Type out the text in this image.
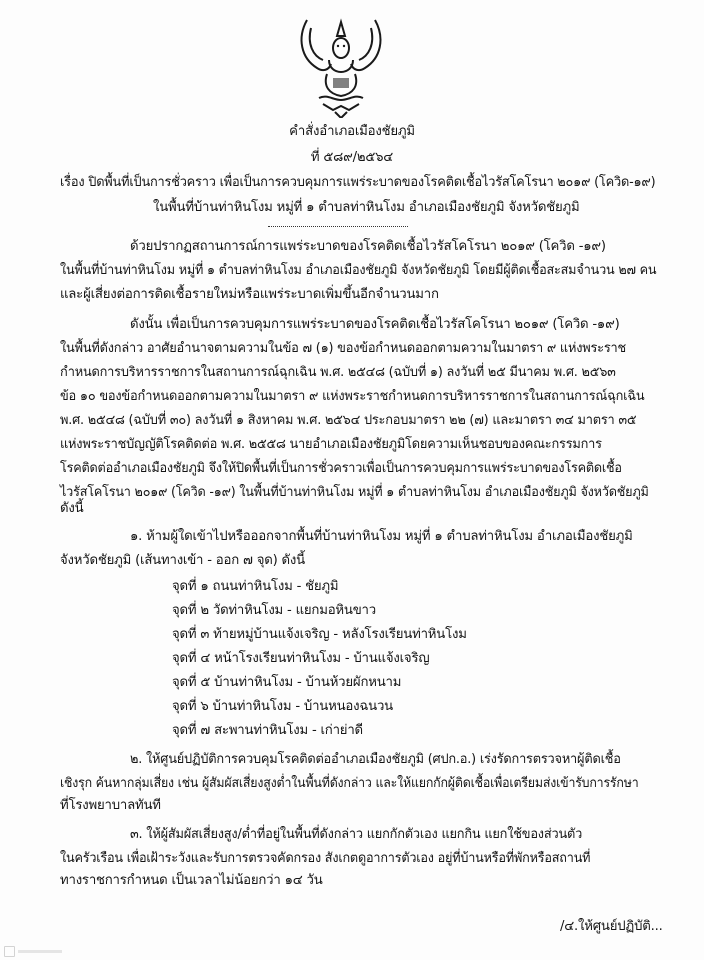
คำสั่งอำเภอเมืองชัยภูมิ
ที่ ๕๘๙/๒๕๖๔
เรื่อง ปิดพื้นที่เป็นการชั่วคราว เพื่อเป็นการควบคุมการแพร่ระบาดของโรคติดเชื้อไวรัสโคโรนา ๒๐๑๙ (โควิด-๑๙)
ในพื้นที่บ้านท่าหินโงม หมู่ที่ ๑ ตำบลท่าหินโงม อำเภอเมืองชัยภูมิ จังหวัดชัยภูมิ
ด้วยปรากฏสถานการณ์การแพร่ระบาดของโรคติดเชื้อไวรัสโคโรนา ๒๐๑๙ (โควิด -๑๙)
ในพื้นที่บ้านท่าหินโงม หมู่ที่ ๑ ตำบลท่าหินโงม อำเภอเมืองชัยภูมิ จังหวัดชัยภูมิ โดยมีผู้ติดเชื้อสะสมจำนวน ๒๗ คน
และผู้เสี่ยงต่อการติดเชื้อรายใหม่หรือแพร่ระบาดเพิ่มขึ้นอีกจำนวนมาก
ดังนั้น เพื่อเป็นการควบคุมการแพร่ระบาดของโรคติดเชื้อไวรัสโคโรนา ๒๐๑๙ (โควิด -๑๙)
ในพื้นที่ดังกล่าว อาศัยอำนาจตามความในข้อ ๗ (๑) ของข้อกำหนดออกตามความในมาตรา ๙ แห่งพระราช
กำหนดการบริหารราชการในสถานการณ์ฉุกเฉิน พ.ศ. ๒๕๔๘ (ฉบับที่ ๑) ลงวันที่ ๒๕ มีนาคม พ.ศ. ๒๕๖๓
ข้อ ๑๐ ของข้อกำหนดออกตามความในมาตรา ๙ แห่งพระราชกำหนดการบริหารราชการในสถานการณ์ฉุกเฉิน
พ.ศ. ๒๕๔๘ (ฉบับที่ ๓๐) ลงวันที่ ๑ สิงหาคม พ.ศ. ๒๕๖๔ ประกอบมาตรา ๒๒ (๗) และมาตรา ๓๔ มาตรา ๓๕
แห่งพระราชบัญญัติโรคติดต่อ พ.ศ. ๒๕๕๘ นายอำเภอเมืองชัยภูมิโดยความเห็นชอบของคณะกรรมการ
โรคติดต่ออำเภอเมืองชัยภูมิ จึงให้ปิดพื้นที่เป็นการชั่วคราวเพื่อเป็นการควบคุมการแพร่ระบาดของโรคติดเชื้อ
ไวรัสโคโรนา ๒๐๑๙ (โควิด -๑๙) ในพื้นที่บ้านท่าหินโงม หมู่ที่ ๑ ตำบลท่าหินโงม อำเภอเมืองชัยภูมิ จังหวัดชัยภูมิ
ดังนี้
๑. ห้ามผู้ใดเข้าไปหรือออกจากพื้นที่บ้านท่าหินโงม หมู่ที่ ๑ ตำบลท่าหินโงม อำเภอเมืองชัยภูมิ
จังหวัดชัยภูมิ (เส้นทางเข้า - ออก ๗ จุด) ดังนี้
จุดที่ ๑ ถนนท่าหินโงม - ชัยภูมิ
จุดที่ ๒ วัดท่าหินโงม - แยกมอหินขาว
จุดที่ ๓ ท้ายหมู่บ้านแจ้งเจริญ - หลังโรงเรียนท่าหินโงม
จุดที่ ๔ หน้าโรงเรียนท่าหินโงม - บ้านแจ้งเจริญ
จุดที่ ๕ บ้านท่าหินโงม - บ้านห้วยผักหนาม
จุดที่ ๖ บ้านท่าหินโงม - บ้านหนองฉนวน
จุดที่ ๗ สะพานท่าหินโงม - เก่าย่าดี
๒. ให้ศูนย์ปฏิบัติการควบคุมโรคติดต่ออำเภอเมืองชัยภูมิ (ศปก.อ.) เร่งรัดการตรวจหาผู้ติดเชื้อ
เชิงรุก ค้นหากลุ่มเสี่ยง เช่น ผู้สัมผัสเสี่ยงสูงต่ำในพื้นที่ดังกล่าว และให้แยกกักผู้ติดเชื้อเพื่อเตรียมส่งเข้ารับการรักษา
ที่โรงพยาบาลทันที
๓. ให้ผู้สัมผัสเสี่ยงสูง/ต่ำที่อยู่ในพื้นที่ดังกล่าว แยกกักตัวเอง แยกกิน แยกใช้ของส่วนตัว
ในครัวเรือน เพื่อเฝ้าระวังและรับการตรวจคัดกรอง สังเกตดูอาการตัวเอง อยู่ที่บ้านหรือที่พักหรือสถานที่
ทางราชการกำหนด เป็นเวลาไม่น้อยกว่า ๑๔ วัน
/๔.ให้ศูนย์ปฏิบัติ...
